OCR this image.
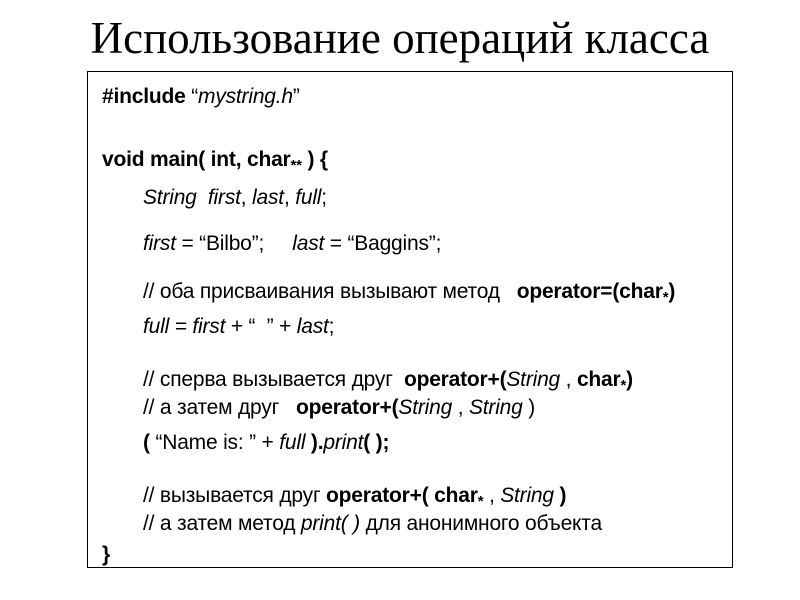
Использование операций класса
#include “mystring.h”
void main( int, char$_{**}$ ) {
String  first, last, full;
first = “Bilbo”;     last = “Baggins”;
// оба присваивания вызывают метод   operator=(char$_*$)
full = first + “  ” + last;
// сперва вызывается друг  operator+(String , char$_*$)
// а затем друг   operator+(String , String )
( “Name is: ” + full ).print( );
// вызывается друг operator+( char$_*$ , String )
// а затем метод print( ) для анонимного объекта
}
